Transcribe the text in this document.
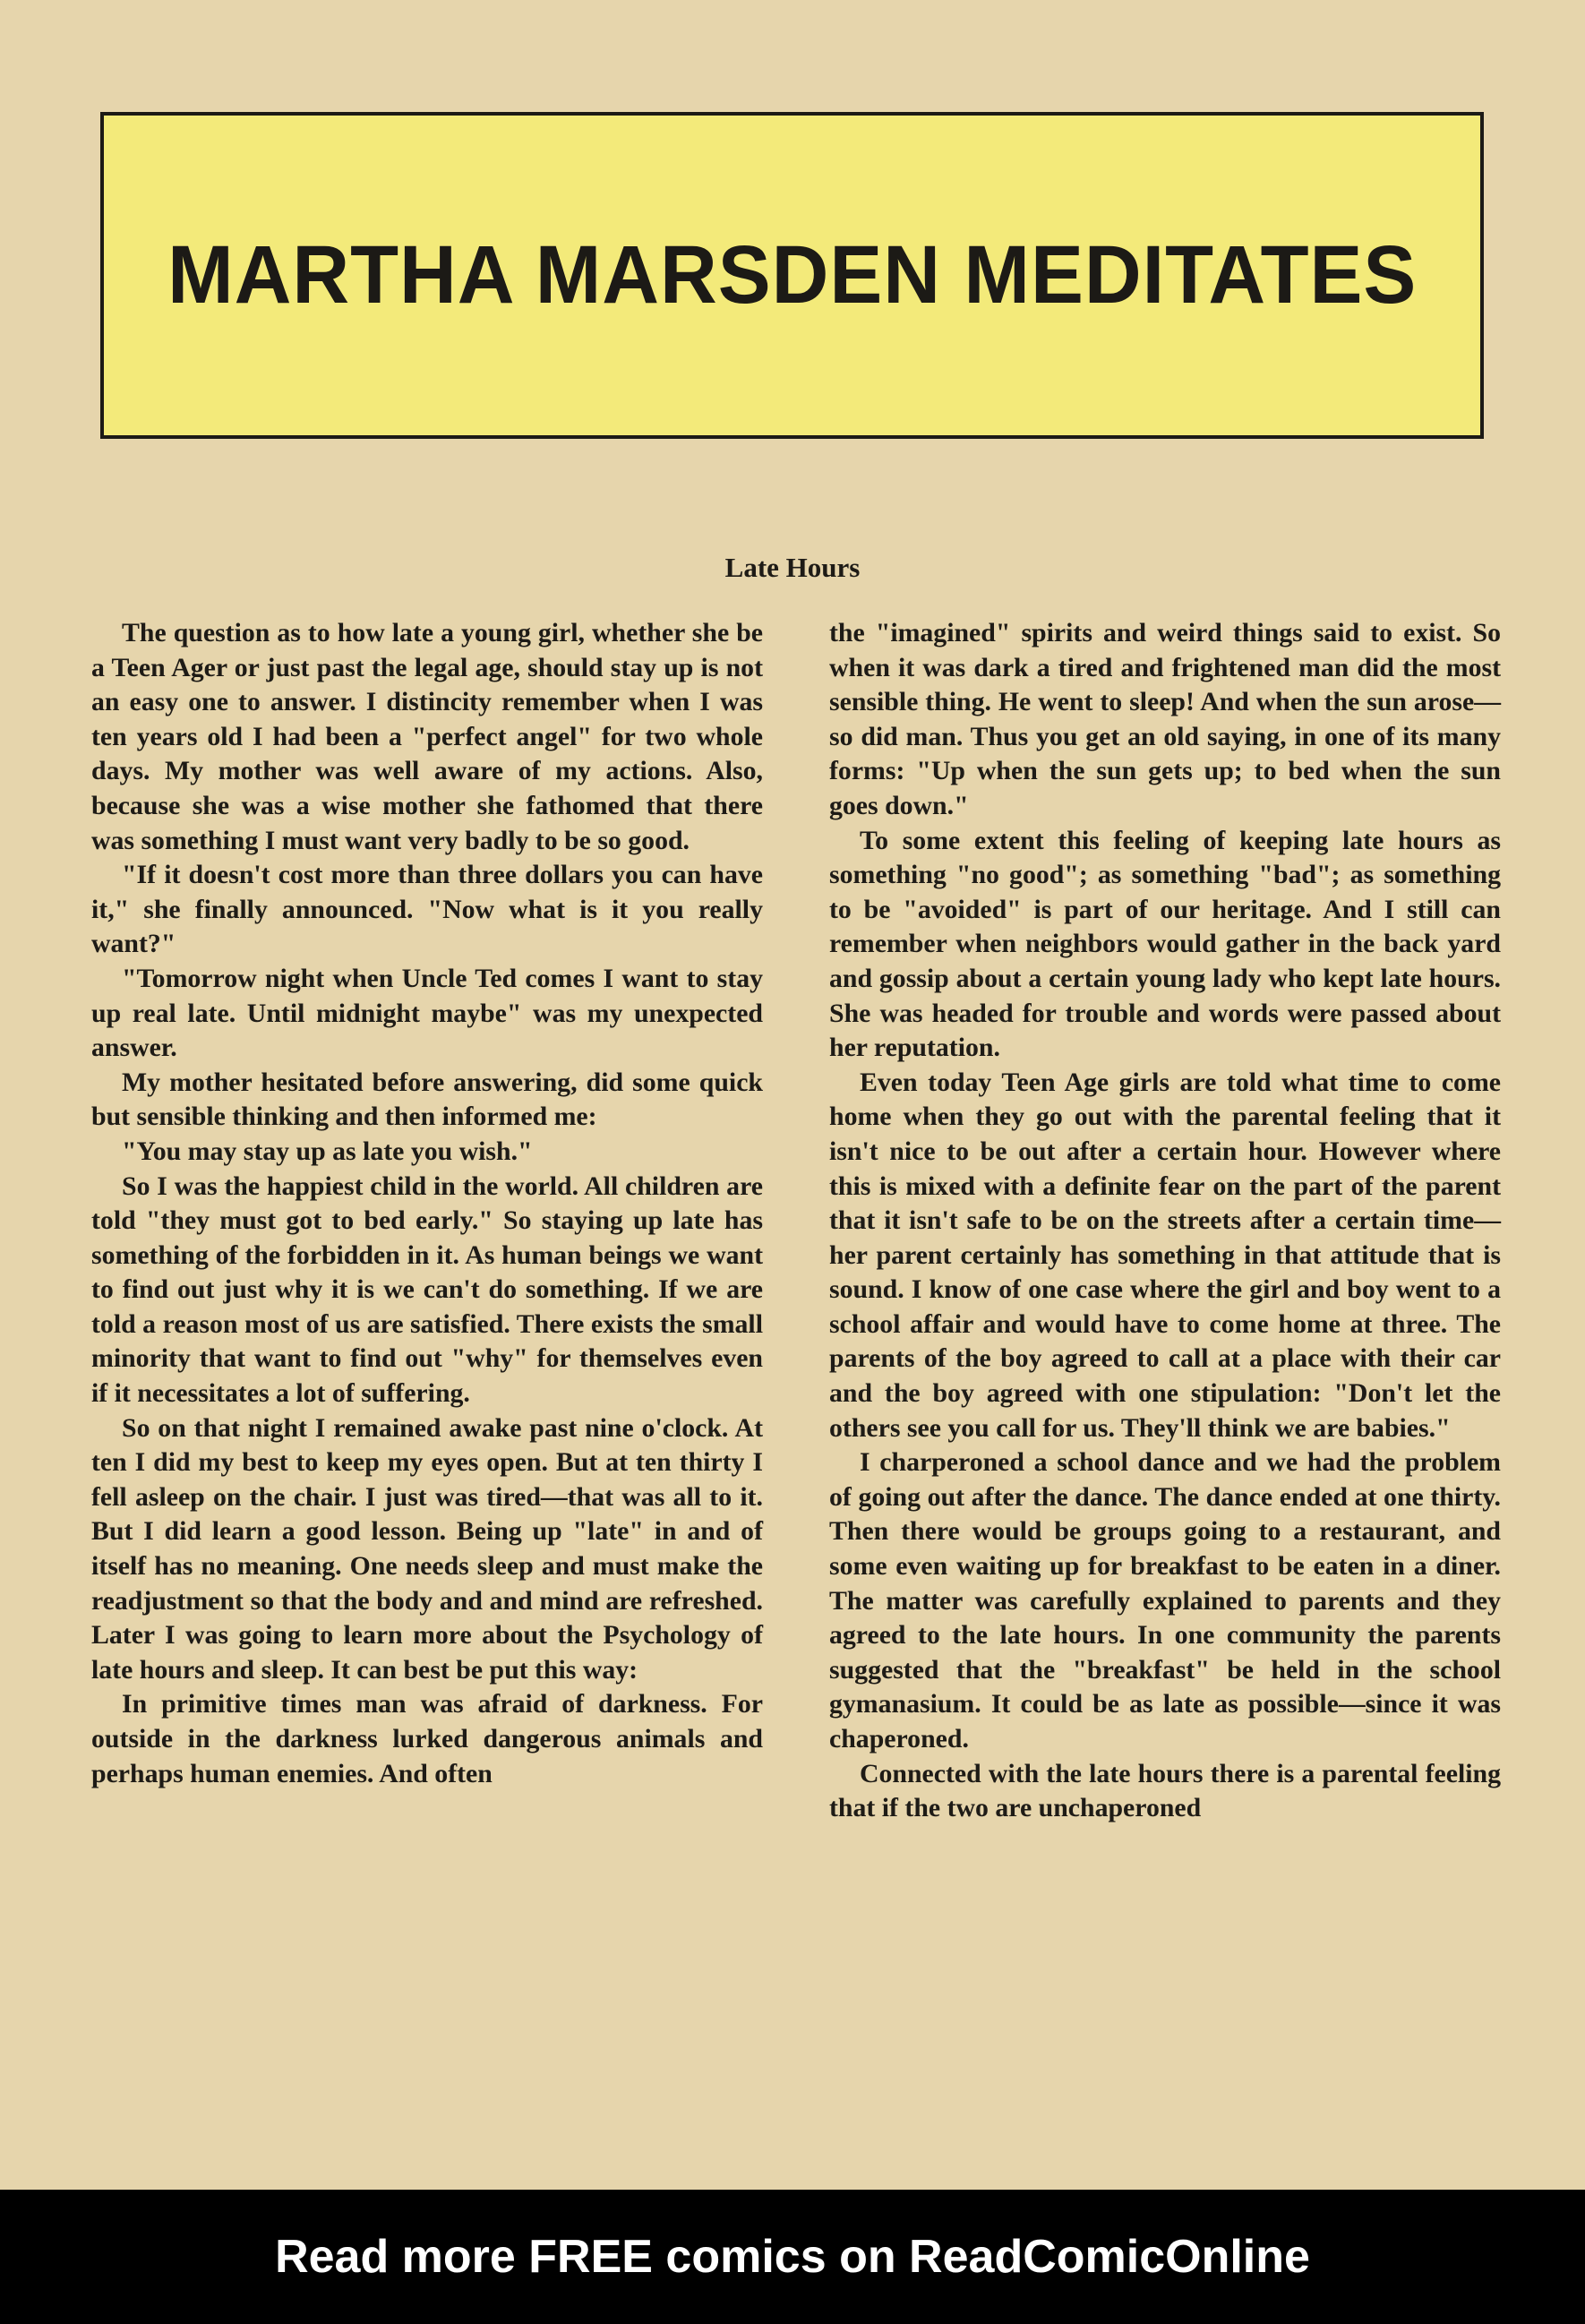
MARTHA MARSDEN MEDITATES
Late Hours

The question as to how late a young girl, whether she be a Teen Ager or just past the legal age, should stay up is not an easy one to answer. I distincity remember when I was ten years old I had been a "perfect angel" for two whole days. My mother was well aware of my actions. Also, because she was a wise mother she fathomed that there was something I must want very badly to be so good.

"If it doesn't cost more than three dollars you can have it," she finally announced. "Now what is it you really want?"

"Tomorrow night when Uncle Ted comes I want to stay up real late. Until midnight maybe" was my unexpected answer.

My mother hesitated before answering, did some quick but sensible thinking and then informed me:

"You may stay up as late you wish."

So I was the happiest child in the world. All children are told "they must got to bed early." So staying up late has something of the forbidden in it. As human beings we want to find out just why it is we can't do something. If we are told a reason most of us are satisfied. There exists the small minority that want to find out "why" for themselves even if it necessitates a lot of suffering.

So on that night I remained awake past nine o'clock. At ten I did my best to keep my eyes open. But at ten thirty I fell asleep on the chair. I just was tired—that was all to it. But I did learn a good lesson. Being up "late" in and of itself has no meaning. One needs sleep and must make the readjustment so that the body and and mind are refreshed. Later I was going to learn more about the Psychology of late hours and sleep. It can best be put this way:

In primitive times man was afraid of darkness. For outside in the darkness lurked dangerous animals and perhaps human enemies. And often

the "imagined" spirits and weird things said to exist. So when it was dark a tired and frightened man did the most sensible thing. He went to sleep! And when the sun arose—so did man. Thus you get an old saying, in one of its many forms: "Up when the sun gets up; to bed when the sun goes down."

To some extent this feeling of keeping late hours as something "no good"; as something "bad"; as something to be "avoided" is part of our heritage. And I still can remember when neighbors would gather in the back yard and gossip about a certain young lady who kept late hours. She was headed for trouble and words were passed about her reputation.

Even today Teen Age girls are told what time to come home when they go out with the parental feeling that it isn't nice to be out after a certain hour. However where this is mixed with a definite fear on the part of the parent that it isn't safe to be on the streets after a certain time—her parent certainly has something in that attitude that is sound. I know of one case where the girl and boy went to a school affair and would have to come home at three. The parents of the boy agreed to call at a place with their car and the boy agreed with one stipulation: "Don't let the others see you call for us. They'll think we are babies."

I charperoned a school dance and we had the problem of going out after the dance. The dance ended at one thirty. Then there would be groups going to a restaurant, and some even waiting up for breakfast to be eaten in a diner. The matter was carefully explained to parents and they agreed to the late hours. In one community the parents suggested that the "breakfast" be held in the school gymanasium. It could be as late as possible—since it was chaperoned.

Connected with the late hours there is a parental feeling that if the two are unchaperoned

Read more FREE comics on ReadComicOnline
